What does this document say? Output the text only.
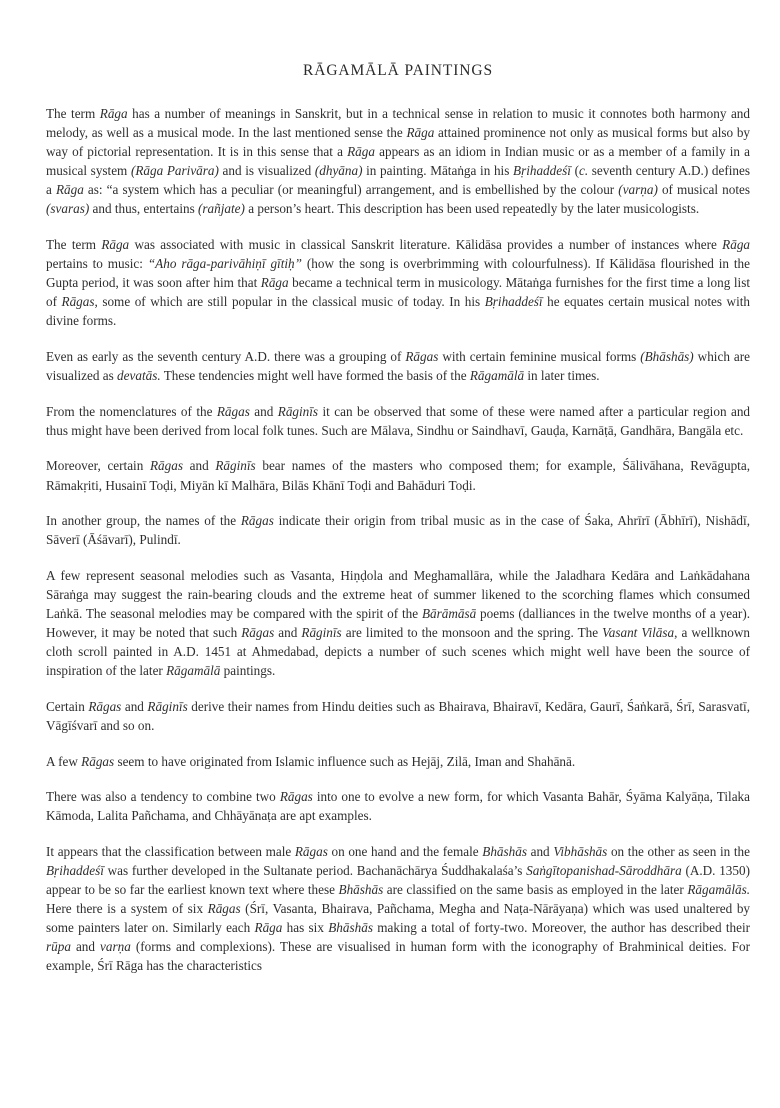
RĀGAMĀLĀ PAINTINGS

The term Rāga has a number of meanings in Sanskrit, but in a technical sense in relation to music it connotes both harmony and melody, as well as a musical mode. In the last mentioned sense the Rāga attained prominence not only as musical forms but also by way of pictorial representation. It is in this sense that a Rāga appears as an idiom in Indian music or as a member of a family in a musical system (Rāga Parivāra) and is visualized (dhyāna) in painting. Mātaṅga in his Bṛihaddeśī (c. seventh century A.D.) defines a Rāga as: “a system which has a peculiar (or meaningful) arrangement, and is embellished by the colour (varṇa) of musical notes (svaras) and thus, entertains (rañjate) a person’s heart. This description has been used repeatedly by the later musicologists.

The term Rāga was associated with music in classical Sanskrit literature. Kālidāsa provides a number of instances where Rāga pertains to music: “Aho rāga-parivāhiṇī gītiḥ” (how the song is overbrimming with colourfulness). If Kālidāsa flourished in the Gupta period, it was soon after him that Rāga became a technical term in musicology. Mātaṅga furnishes for the first time a long list of Rāgas, some of which are still popular in the classical music of today. In his Bṛihaddeśī he equates certain musical notes with divine forms.

Even as early as the seventh century A.D. there was a grouping of Rāgas with certain feminine musical forms (Bhāshās) which are visualized as devatās. These tendencies might well have formed the basis of the Rāgamālā in later times.

From the nomenclatures of the Rāgas and Rāginīs it can be observed that some of these were named after a particular region and thus might have been derived from local folk tunes. Such are Mālava, Sindhu or Saindhavī, Gauḍa, Karnāṭā, Gandhāra, Bangāla etc.

Moreover, certain Rāgas and Rāginīs bear names of the masters who composed them; for example, Śālivāhana, Revāgupta, Rāmakṛiti, Husainī Toḍi, Miyān kī Malhāra, Bilās Khānī Toḍi and Bahāduri Toḍi.

In another group, the names of the Rāgas indicate their origin from tribal music as in the case of Śaka, Ahrīrī (Ābhīrī), Nishādī, Sāverī (Āśāvarī), Pulindī.

A few represent seasonal melodies such as Vasanta, Hiṇḍola and Meghamallāra, while the Jaladhara Kedāra and Laṅkādahana Sāraṅga may suggest the rain-bearing clouds and the extreme heat of summer likened to the scorching flames which consumed Laṅkā. The seasonal melodies may be compared with the spirit of the Bārāmāsā poems (dalliances in the twelve months of a year). However, it may be noted that such Rāgas and Rāginīs are limited to the monsoon and the spring. The Vasant Vilāsa, a wellknown cloth scroll painted in A.D. 1451 at Ahmedabad, depicts a number of such scenes which might well have been the source of inspiration of the later Rāgamālā paintings.

Certain Rāgas and Rāginīs derive their names from Hindu deities such as Bhairava, Bhairavī, Kedāra, Gaurī, Śaṅkarā, Śrī, Sarasvatī, Vāgīśvarī and so on.

A few Rāgas seem to have originated from Islamic influence such as Hejāj, Zilā, Iman and Shahānā.

There was also a tendency to combine two Rāgas into one to evolve a new form, for which Vasanta Bahār, Śyāma Kalyāṇa, Tilaka Kāmoda, Lalita Pañchama, and Chhāyānaṭa are apt examples.

It appears that the classification between male Rāgas on one hand and the female Bhāshās and Vibhāshās on the other as seen in the Bṛihaddeśī was further developed in the Sultanate period. Bachanāchārya Śuddhakalaśa’s Saṅgītopanishad-Sāroddhāra (A.D. 1350) appear to be so far the earliest known text where these Bhāshās are classified on the same basis as employed in the later Rāgamālās. Here there is a system of six Rāgas (Śrī, Vasanta, Bhairava, Pañchama, Megha and Naṭa-Nārāyaṇa) which was used unaltered by some painters later on. Similarly each Rāga has six Bhāshās making a total of forty-two. Moreover, the author has described their rūpa and varṇa (forms and complexions). These are visualised in human form with the iconography of Brahminical deities. For example, Śrī Rāga has the characteristics
